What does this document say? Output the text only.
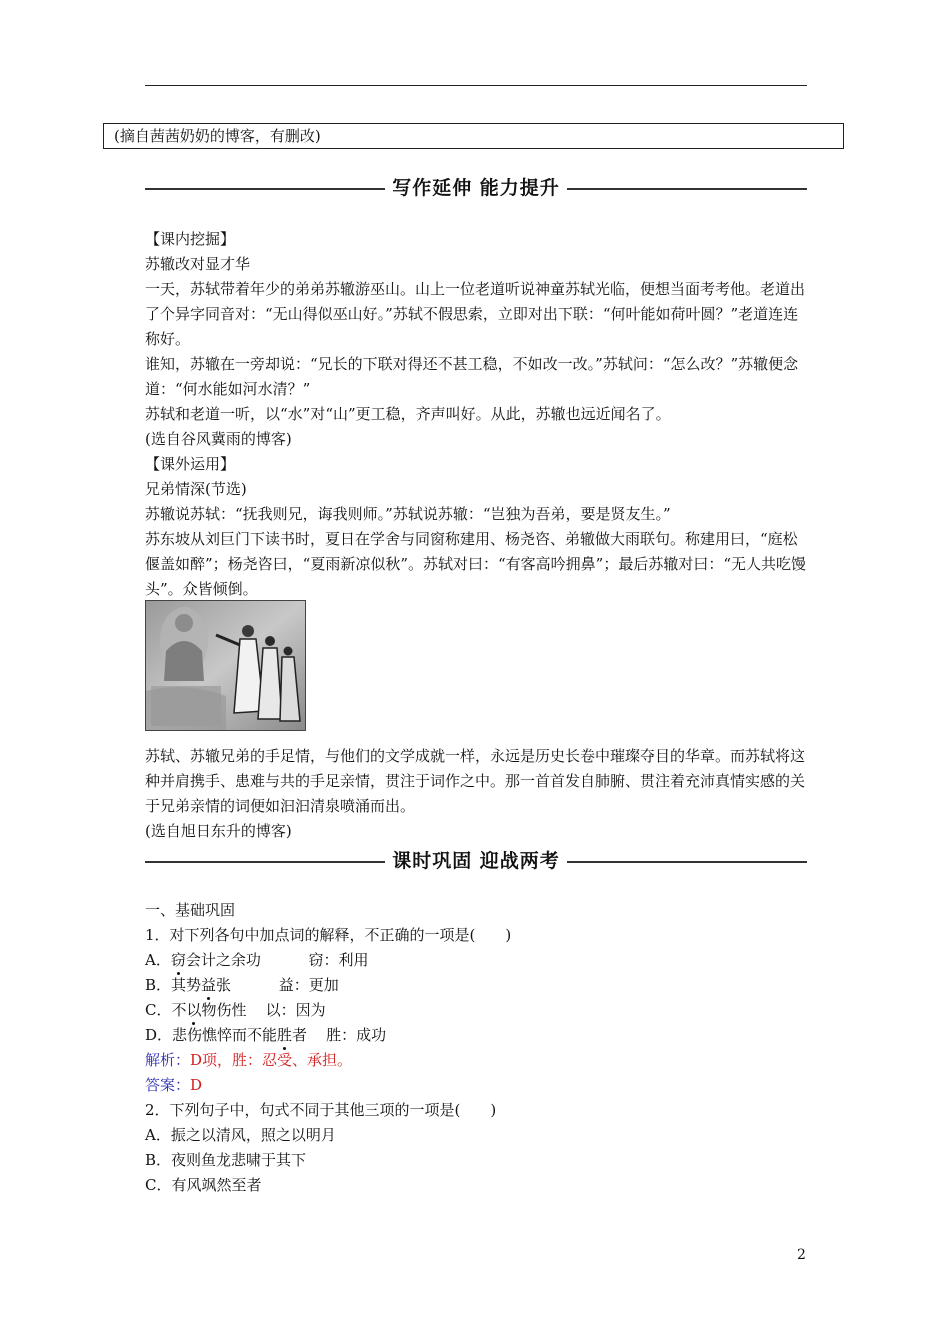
(摘自茜茜奶奶的博客，有删改)
写作延伸 能力提升

【课内挖掘】

苏辙改对显才华

一天，苏轼带着年少的弟弟苏辙游巫山。山上一位老道听说神童苏轼光临，便想当面考考他。老道出了个异字同音对：“无山得似巫山好。”苏轼不假思索，立即对出下联：“何叶能如荷叶圆？”老道连连称好。

谁知，苏辙在一旁却说：“兄长的下联对得还不甚工稳，不如改一改。”苏轼问：“怎么改？”苏辙便念道：“何水能如河水清？”

苏轼和老道一听，以“水”对“山”更工稳，齐声叫好。从此，苏辙也远近闻名了。

(选自谷风冀雨的博客)

【课外运用】

兄弟情深(节选)

苏辙说苏轼：“抚我则兄，诲我则师。”苏轼说苏辙：“岂独为吾弟，要是贤友生。”

苏东坡从刘巨门下读书时，夏日在学舍与同窗称建用、杨尧咨、弟辙做大雨联句。称建用曰，“庭松偃盖如醉”；杨尧咨曰，“夏雨新凉似秋”。苏轼对曰：“有客高吟拥鼻”；最后苏辙对曰：“无人共吃馒头”。众皆倾倒。

苏轼、苏辙兄弟的手足情，与他们的文学成就一样，永远是历史长卷中璀璨夺目的华章。而苏轼将这种并肩携手、患难与共的手足亲情，贯注于词作之中。那一首首发自肺腑、贯注着充沛真情实感的关于兄弟亲情的词便如汩汩清泉喷涌而出。

(选自旭日东升的博客)

课时巩固 迎战两考

一、基础巩固

1．对下列各句中加点词的解释，不正确的一项是(　　)

A．窃会计之余功          窃：利用

B．其势益张          益：更加

C．不以物伤性    以：因为

D．悲伤憔悴而不能胜者    胜：成功

解析：D项，胜：忍受、承担。

答案：D

2．下列句子中，句式不同于其他三项的一项是(　　)

A．振之以清风，照之以明月

B．夜则鱼龙悲啸于其下

C．有风飒然至者

2
